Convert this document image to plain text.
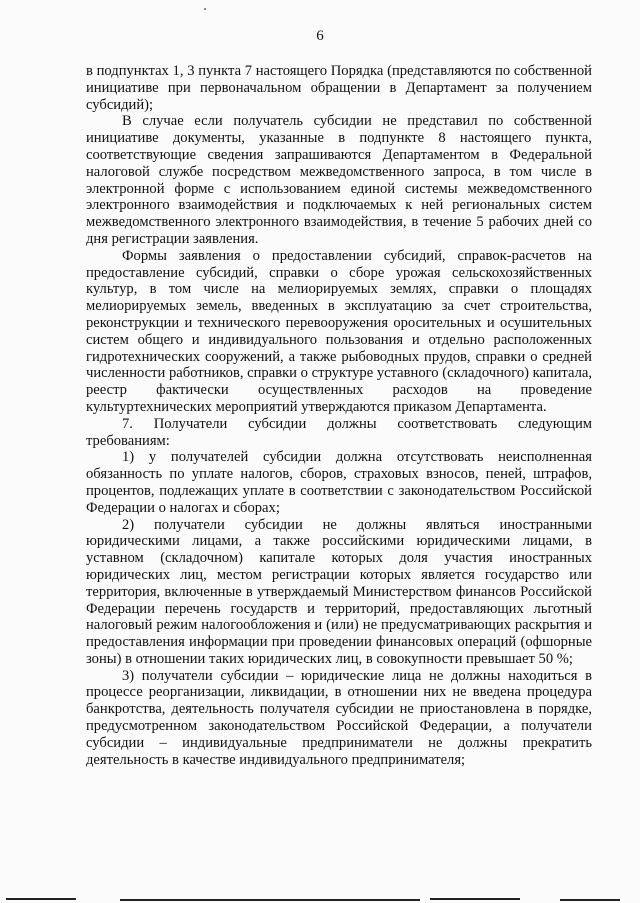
6

в подпунктах 1, 3 пункта 7 настоящего Порядка (представляются по собственной инициативе при первоначальном обращении в Департамент за получением субсидий);

В случае если получатель субсидии не представил по собственной инициативе документы, указанные в подпункте 8 настоящего пункта, соответствующие сведения запрашиваются Департаментом в Федеральной налоговой службе посредством межведомственного запроса, в том числе в электронной форме с использованием единой системы межведомственного электронного взаимодействия и подключаемых к ней региональных систем межведомственного электронного взаимодействия, в течение 5 рабочих дней со дня регистрации заявления.

Формы заявления о предоставлении субсидий, справок-расчетов на предоставление субсидий, справки о сборе урожая сельскохозяйственных культур, в том числе на мелиорируемых землях, справки о площадях мелиорируемых земель, введенных в эксплуатацию за счет строительства, реконструкции и технического перевооружения оросительных и осушительных систем общего и индивидуального пользования и отдельно расположенных гидротехнических сооружений, а также рыбоводных прудов, справки о средней численности работников, справки о структуре уставного (складочного) капитала, реестр фактически осуществленных расходов на проведение культуртехнических мероприятий утверждаются приказом Департамента.

7. Получатели субсидии должны соответствовать следующим требованиям:

1) у получателей субсидии должна отсутствовать неисполненная обязанность по уплате налогов, сборов, страховых взносов, пеней, штрафов, процентов, подлежащих уплате в соответствии с законодательством Российской Федерации о налогах и сборах;

2) получатели субсидии не должны являться иностранными юридическими лицами, а также российскими юридическими лицами, в уставном (складочном) капитале которых доля участия иностранных юридических лиц, местом регистрации которых является государство или территория, включенные в утверждаемый Министерством финансов Российской Федерации перечень государств и территорий, предоставляющих льготный налоговый режим налогообложения и (или) не предусматривающих раскрытия и предоставления информации при проведении финансовых операций (офшорные зоны) в отношении таких юридических лиц, в совокупности превышает 50 %;

3) получатели субсидии – юридические лица не должны находиться в процессе реорганизации, ликвидации, в отношении них не введена процедура банкротства, деятельность получателя субсидии не приостановлена в порядке, предусмотренном законодательством Российской Федерации, а получатели субсидии – индивидуальные предприниматели не должны прекратить деятельность в качестве индивидуального предпринимателя;
